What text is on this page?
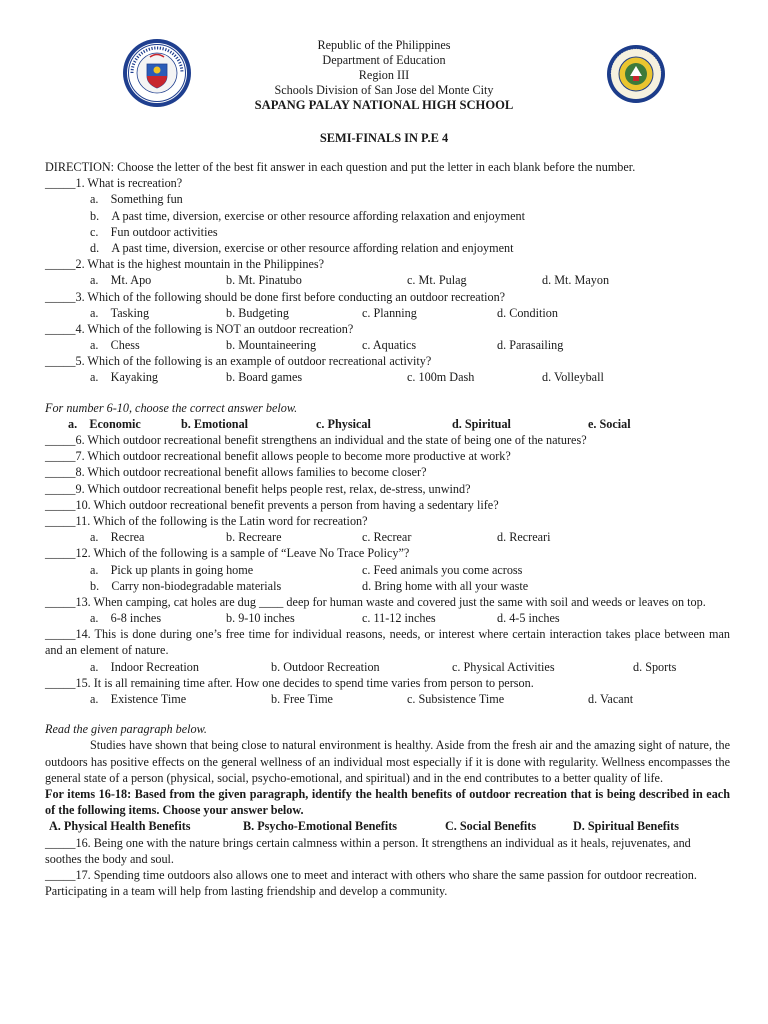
Republic of the Philippines
Department of Education
Region III
Schools Division of San Jose del Monte City
SAPANG PALAY NATIONAL HIGH SCHOOL
SEMI-FINALS IN P.E 4
DIRECTION: Choose the letter of the best fit answer in each question and put the letter in each blank before the number.
_____1. What is recreation?
a. Something fun
b. A past time, diversion, exercise or other resource affording relaxation and enjoyment
c. Fun outdoor activities
d. A past time, diversion, exercise or other resource affording relation and enjoyment
_____2. What is the highest mountain in the Philippines?
a. Mt. Apo	b. Mt. Pinatubo	c. Mt. Pulag	d. Mt. Mayon
_____3. Which of the following should be done first before conducting an outdoor recreation?
a. Tasking	b. Budgeting	c. Planning	d. Condition
_____4. Which of the following is NOT an outdoor recreation?
a. Chess	b. Mountaineering	c. Aquatics	d. Parasailing
_____5. Which of the following is an example of outdoor recreational activity?
a. Kayaking	b. Board games	c. 100m Dash	d. Volleyball
For number 6-10, choose the correct answer below.
a. Economic	b. Emotional	c. Physical	d. Spiritual	e. Social
_____6. Which outdoor recreational benefit strengthens an individual and the state of being one of the natures?
_____7. Which outdoor recreational benefit allows people to become more productive at work?
_____8. Which outdoor recreational benefit allows families to become closer?
_____9. Which outdoor recreational benefit helps people rest, relax, de-stress, unwind?
_____10. Which outdoor recreational benefit prevents a person from having a sedentary life?
_____11. Which of the following is the Latin word for recreation?
a. Recrea	b. Recreare	c. Recrear	d. Recreari
_____12. Which of the following is a sample of “Leave No Trace Policy”?
a. Pick up plants in going home	c. Feed animals you come across
b. Carry non-biodegradable materials	d. Bring home with all your waste
_____13. When camping, cat holes are dug ____ deep for human waste and covered just the same with soil and weeds or leaves on top.
a. 6-8 inches	b. 9-10 inches	c. 11-12 inches	d. 4-5 inches
_____14. This is done during one’s free time for individual reasons, needs, or interest where certain interaction takes place between man and an element of nature.
a. Indoor Recreation	b. Outdoor Recreation	c. Physical Activities	d. Sports
_____15. It is all remaining time after. How one decides to spend time varies from person to person.
a. Existence Time	b. Free Time	c. Subsistence Time	d. Vacant
Read the given paragraph below.
Studies have shown that being close to natural environment is healthy. Aside from the fresh air and the amazing sight of nature, the outdoors has positive effects on the general wellness of an individual most especially if it is done with regularity. Wellness encompasses the general state of a person (physical, social, psycho-emotional, and spiritual) and in the end contributes to a better quality of life.
For items 16-18: Based from the given paragraph, identify the health benefits of outdoor recreation that is being described in each of the following items. Choose your answer below.
A. Physical Health Benefits	B. Psycho-Emotional Benefits	C. Social Benefits	D. Spiritual Benefits
_____16. Being one with the nature brings certain calmness within a person. It strengthens an individual as it heals, rejuvenates, and soothes the body and soul.
_____17. Spending time outdoors also allows one to meet and interact with others who share the same passion for outdoor recreation. Participating in a team will help from lasting friendship and develop a community.
